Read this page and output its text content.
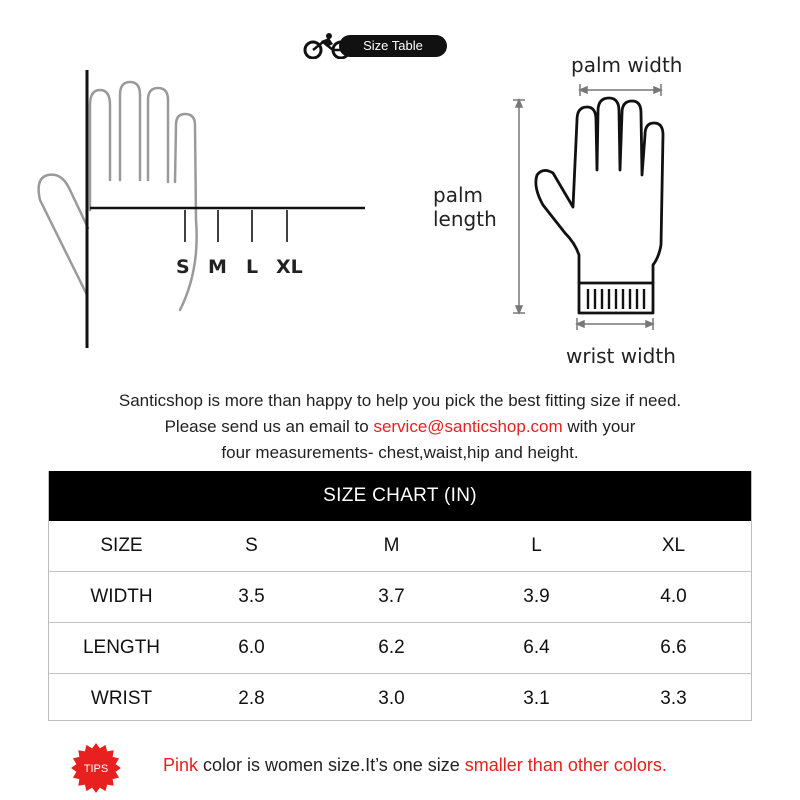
Size Table
S M L XL
palm width
palm
length
wrist width
Santicshop is more than happy to help you pick the best fitting size if need.
Please send us an email to service@santicshop.com with your
four measurements- chest,waist,hip and height.
SIZE CHART (IN)
SIZE	S	M	L	XL
WIDTH	3.5	3.7	3.9	4.0
LENGTH	6.0	6.2	6.4	6.6
WRIST	2.8	3.0	3.1	3.3
TIPS	Pink color is women size.It’s one size smaller than other colors.
